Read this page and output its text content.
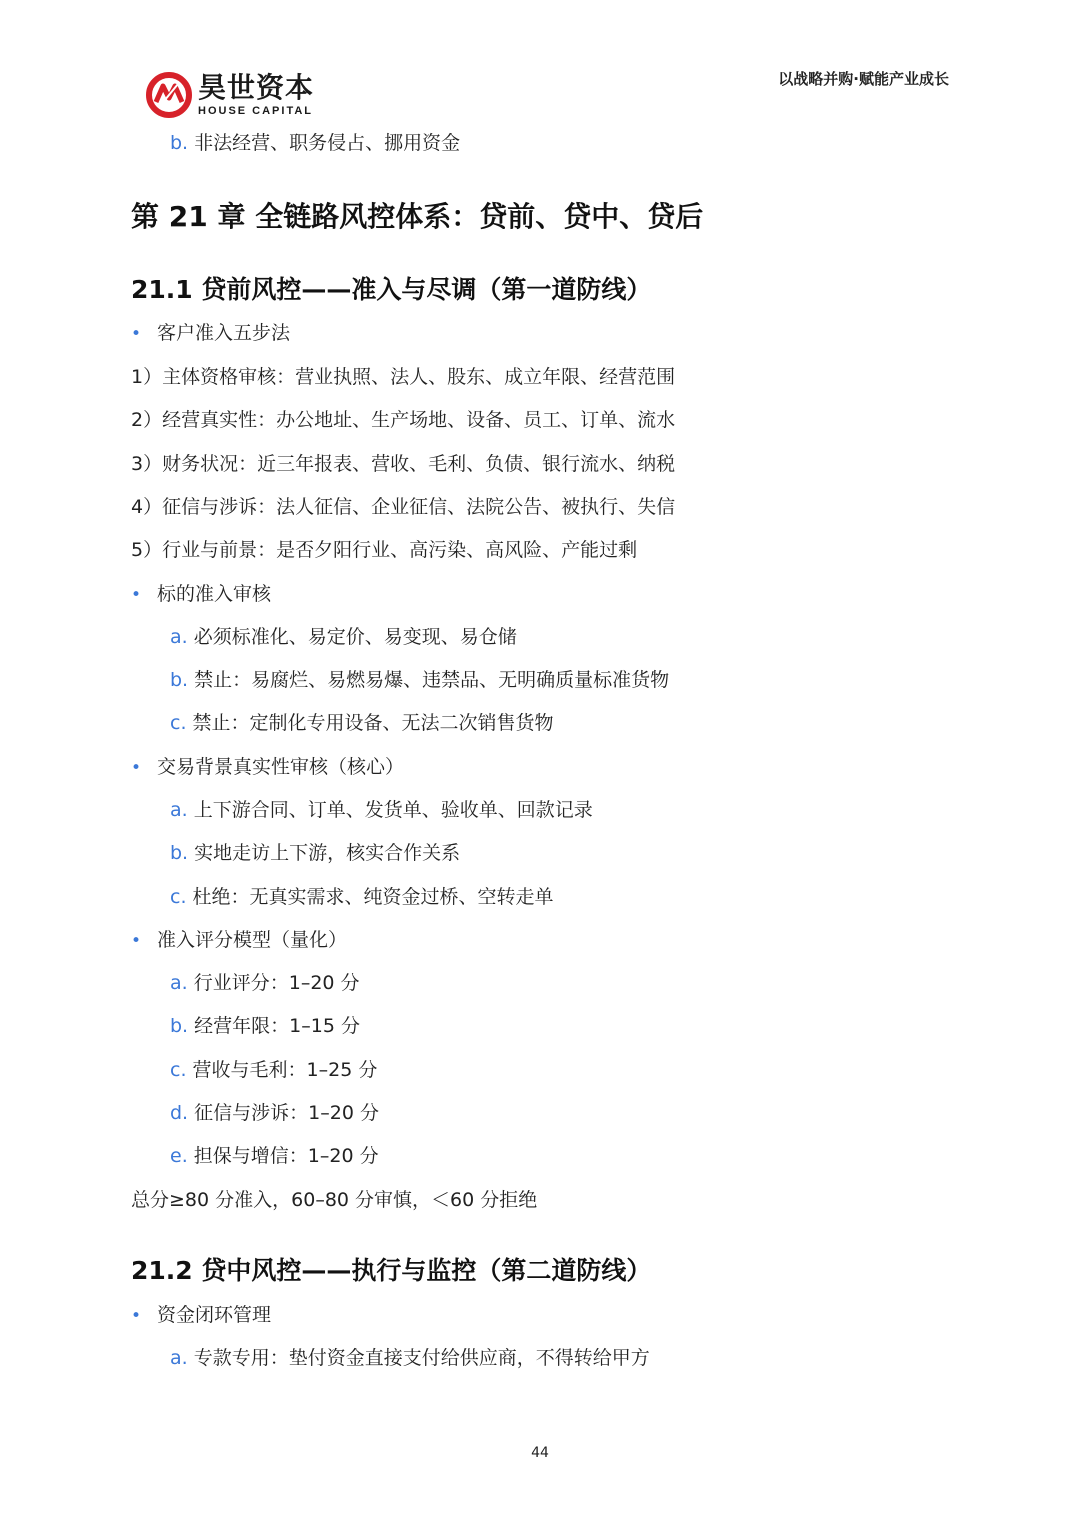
昊世资本
HOUSE CAPITAL
以战略并购·赋能产业成长
b. 非法经营、职务侵占、挪用资金
第 21 章 全链路风控体系：贷前、贷中、贷后
21.1 贷前风控——准入与尽调（第一道防线）
• 客户准入五步法
1）主体资格审核：营业执照、法人、股东、成立年限、经营范围
2）经营真实性：办公地址、生产场地、设备、员工、订单、流水
3）财务状况：近三年报表、营收、毛利、负债、银行流水、纳税
4）征信与涉诉：法人征信、企业征信、法院公告、被执行、失信
5）行业与前景：是否夕阳行业、高污染、高风险、产能过剩
• 标的准入审核
a. 必须标准化、易定价、易变现、易仓储
b. 禁止：易腐烂、易燃易爆、违禁品、无明确质量标准货物
c. 禁止：定制化专用设备、无法二次销售货物
• 交易背景真实性审核（核心）
a. 上下游合同、订单、发货单、验收单、回款记录
b. 实地走访上下游，核实合作关系
c. 杜绝：无真实需求、纯资金过桥、空转走单
• 准入评分模型（量化）
a. 行业评分：1–20 分
b. 经营年限：1–15 分
c. 营收与毛利：1–25 分
d. 征信与涉诉：1–20 分
e. 担保与增信：1–20 分
总分≥80 分准入，60–80 分审慎，＜60 分拒绝
21.2 贷中风控——执行与监控（第二道防线）
• 资金闭环管理
a. 专款专用：垫付资金直接支付给供应商，不得转给甲方
44
